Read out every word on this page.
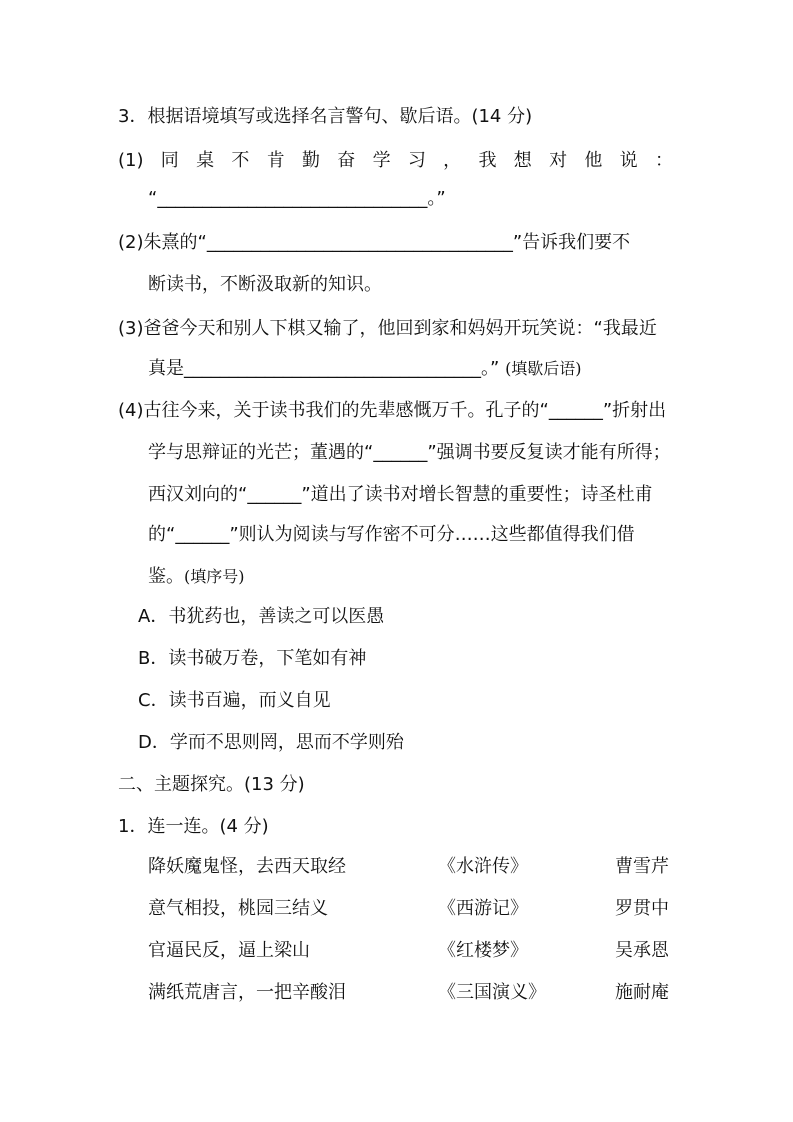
3．根据语境填写或选择名言警句、歇后语。(14 分)
(1) 同 桌 不 肯 勤 奋 学 习 ， 我 想 对 他 说 ：
“______________________________。”
(2)朱熹的“__________________________________”告诉我们要不
断读书，不断汲取新的知识。
(3)爸爸今天和别人下棋又输了，他回到家和妈妈开玩笑说：“我最近
真是_________________________________。” (填歇后语)
(4)古往今来，关于读书我们的先辈感慨万千。孔子的“______”折射出
学与思辩证的光芒；董遇的“______”强调书要反复读才能有所得；
西汉刘向的“______”道出了读书对增长智慧的重要性；诗圣杜甫
的“______”则认为阅读与写作密不可分……这些都值得我们借
鉴。(填序号)
A．书犹药也，善读之可以医愚
B．读书破万卷，下笔如有神
C．读书百遍，而义自见
D．学而不思则罔，思而不学则殆
二、主题探究。(13 分)
1．连一连。(4 分)
降妖魔鬼怪，去西天取经	《水浒传》	曹雪芹
意气相投，桃园三结义	《西游记》	罗贯中
官逼民反，逼上梁山	《红楼梦》	吴承恩
满纸荒唐言，一把辛酸泪	《三国演义》	施耐庵
